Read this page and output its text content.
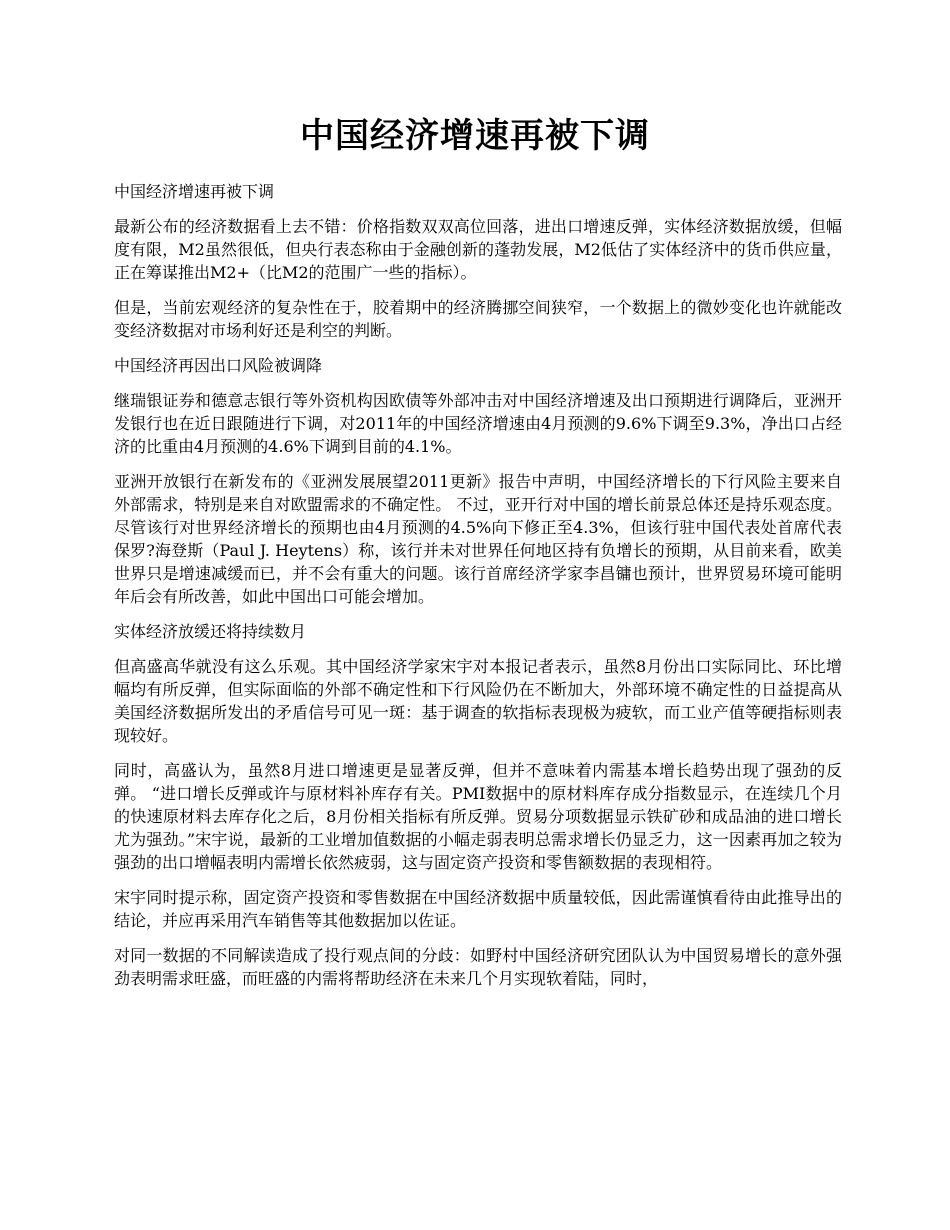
中国经济增速再被下调

中国经济增速再被下调

最新公布的经济数据看上去不错：价格指数双双高位回落，进出口增速反弹，实体经济数据放缓，但幅度有限，M2虽然很低，但央行表态称由于金融创新的蓬勃发展，M2低估了实体经济中的货币供应量，正在筹谋推出M2+（比M2的范围广一些的指标）。

但是，当前宏观经济的复杂性在于，胶着期中的经济腾挪空间狭窄，一个数据上的微妙变化也许就能改变经济数据对市场利好还是利空的判断。

中国经济再因出口风险被调降

继瑞银证券和德意志银行等外资机构因欧债等外部冲击对中国经济增速及出口预期进行调降后，亚洲开发银行也在近日跟随进行下调，对2011年的中国经济增速由4月预测的9.6%下调至9.3%，净出口占经济的比重由4月预测的4.6%下调到目前的4.1%。

亚洲开放银行在新发布的《亚洲发展展望2011更新》报告中声明，中国经济增长的下行风险主要来自外部需求，特别是来自对欧盟需求的不确定性。 不过，亚开行对中国的增长前景总体还是持乐观态度。尽管该行对世界经济增长的预期也由4月预测的4.5%向下修正至4.3%，但该行驻中国代表处首席代表保罗?海登斯（Paul J. Heytens）称，该行并未对世界任何地区持有负增长的预期，从目前来看，欧美世界只是增速减缓而已，并不会有重大的问题。该行首席经济学家李昌镛也预计，世界贸易环境可能明年后会有所改善，如此中国出口可能会增加。

实体经济放缓还将持续数月

但高盛高华就没有这么乐观。其中国经济学家宋宇对本报记者表示，虽然8月份出口实际同比、环比增幅均有所反弹，但实际面临的外部不确定性和下行风险仍在不断加大，外部环境不确定性的日益提高从美国经济数据所发出的矛盾信号可见一斑：基于调查的软指标表现极为疲软，而工业产值等硬指标则表现较好。

同时，高盛认为，虽然8月进口增速更是显著反弹，但并不意味着内需基本增长趋势出现了强劲的反弹。 “进口增长反弹或许与原材料补库存有关。PMI数据中的原材料库存成分指数显示，在连续几个月的快速原材料去库存化之后，8月份相关指标有所反弹。贸易分项数据显示铁矿砂和成品油的进口增长尤为强劲。”宋宇说，最新的工业增加值数据的小幅走弱表明总需求增长仍显乏力，这一因素再加之较为强劲的出口增幅表明内需增长依然疲弱，这与固定资产投资和零售额数据的表现相符。

宋宇同时提示称，固定资产投资和零售数据在中国经济数据中质量较低，因此需谨慎看待由此推导出的结论，并应再采用汽车销售等其他数据加以佐证。

对同一数据的不同解读造成了投行观点间的分歧：如野村中国经济研究团队认为中国贸易增长的意外强劲表明需求旺盛，而旺盛的内需将帮助经济在未来几个月实现软着陆，同时，
